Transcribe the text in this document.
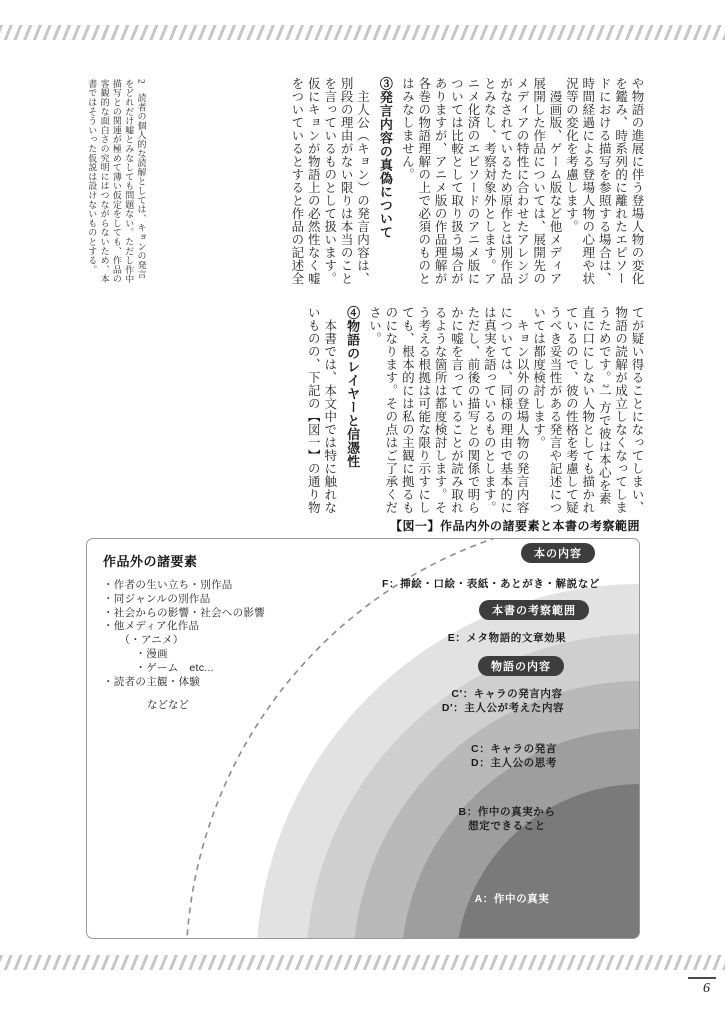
や物語の進展に伴う登場人物の変化を鑑み、時系列的に離れたエピソードにおける描写を参照する場合は、時間経過による登場人物の心理や状況等の変化を考慮します。

　漫画版、ゲーム版など他メディア展開した作品については、展開先のメディアの特性に合わせたアレンジがなされているため原作とは別作品とみなし、考察対象外とします。アニメ化済のエピソードのアニメ版については比較として取り扱う場合がありますが、アニメ版の作品理解が各巻の物語理解の上で必須のものとはみなしません。

③発言内容の真偽について

　主人公（キョン）の発言内容は、別段の理由がない限りは本当のことを言っているものとして扱います。仮にキョンが物語上の必然性なく嘘をついているとすると作品の記述全

2　読者の個人的な読解としては、キョンの発言をどれだけ嘘とみなしても問題ない。ただし作中描写との関連が極めて薄い仮定をしても、作品の客観的な面白さの究明にはつながらないため、本書ではそういった仮説は設けないものとする。

てが疑い得ることになってしまい、物語の読解が成立しなくなってしまうためです。²一方で彼は本心を素直に口にしない人物としても描かれているので、彼の性格を考慮して疑うべき妥当性がある発言や記述については都度検討します。

　キョン以外の登場人物の発言内容については、同様の理由で基本的には真実を語っているものとします。ただし、前後の描写との関係で明らかに嘘を言っていることが読み取れるような箇所は都度検討します。そう考える根拠は可能な限り示すにしても、根本的には私の主観に拠るものになります。その点はご了承ください。

④物語のレイヤーと信憑性

　本書では、本文中では特に触れないものの、下記の【図一】の通り物

【図一】作品内外の諸要素と本書の考察範囲
作品外の諸要素
・作者の生い立ち・別作品
・同ジャンルの別作品
・社会からの影響・社会への影響
・他メディア化作品
　　（・アニメ）
　　　・漫画
　　　・ゲーム　etc...
・読者の主観・体験
などなど
本の内容
F：挿絵・口絵・表紙・あとがき・解説など
本書の考察範囲
E：メタ物語的文章効果
物語の内容
C′：キャラの発言内容
D′：主人公が考えた内容
C：キャラの発言
D：主人公の思考
B：作中の真実から
想定できること
A：作中の真実
6
